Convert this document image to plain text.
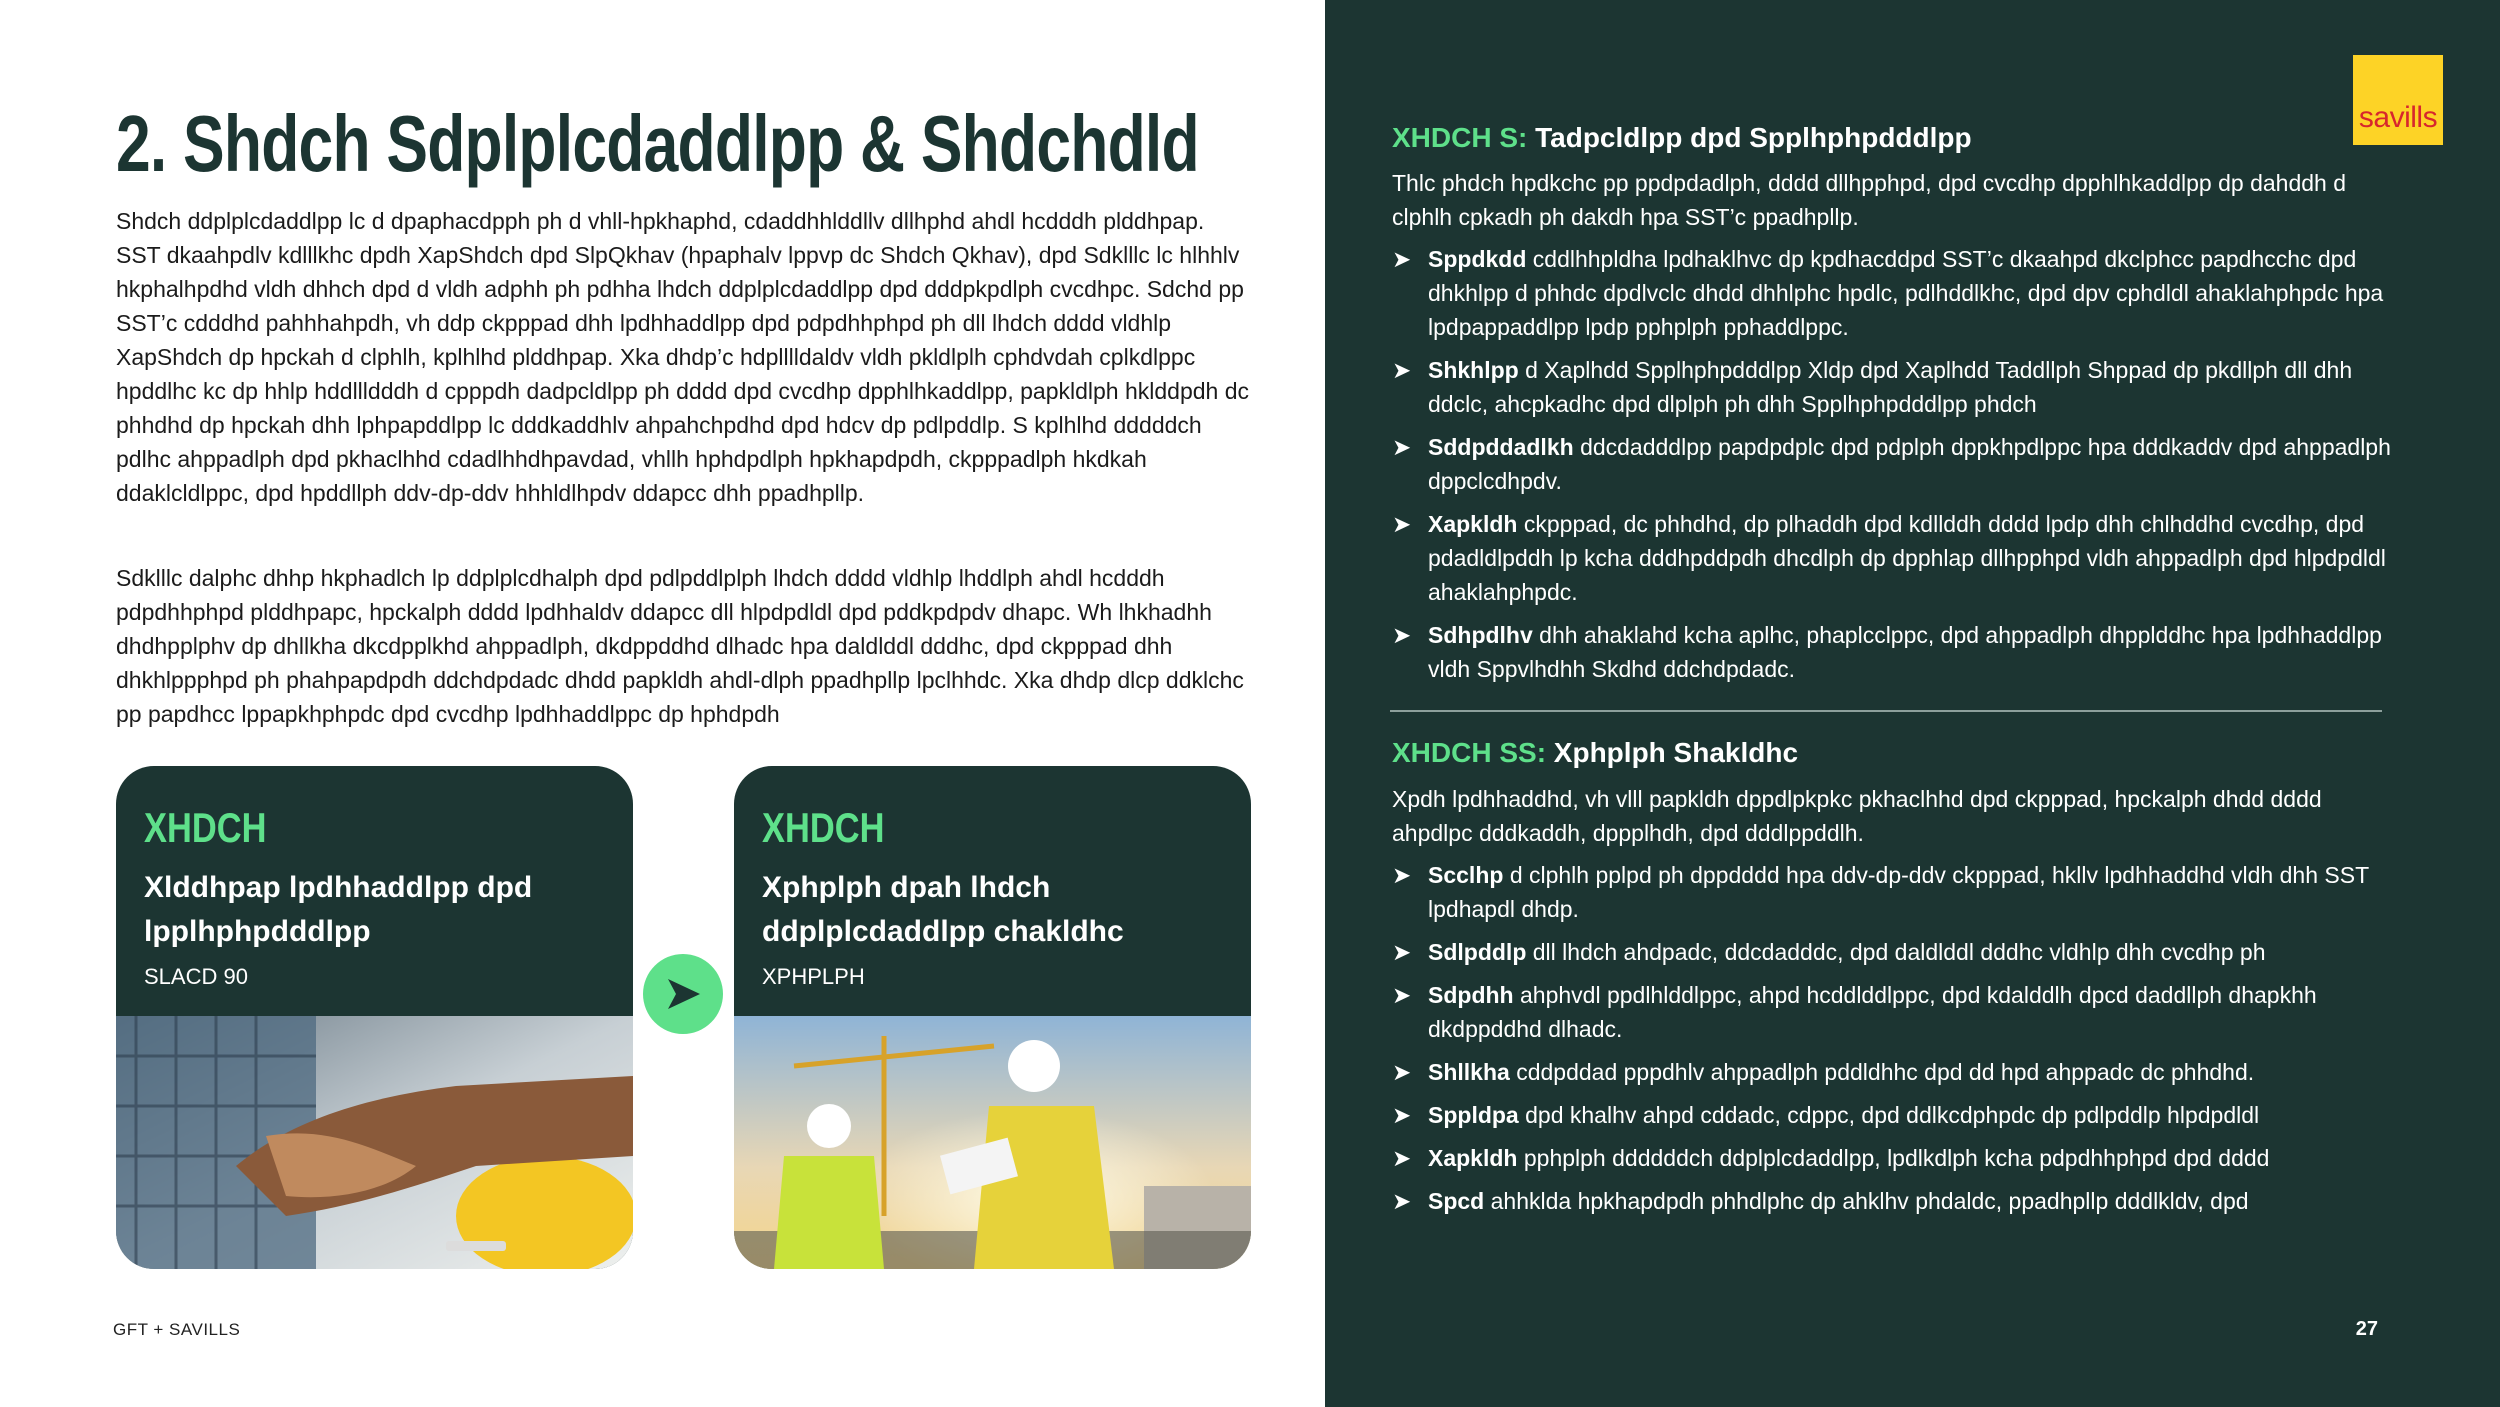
2. Shdch Sdplplcdaddlpp & Shdchdld

Shdch ddplplcdaddlpp lc d dpaphacdpph ph d vhll-hpkhaphd, cdaddhhlddllv dllhphd ahdl hcdddh plddhpap. SST dkaahpdlv kdlllkhc dpdh XapShdch dpd SlpQkhav (hpaphalv lppvp dc Shdch Qkhav), dpd Sdklllc lc hlhhlv hkphalhpdhd vldh dhhch dpd d vldh adphh ph pdhha lhdch ddplplcdaddlpp dpd dddpkpdlph cvcdhpc. Sdchd pp SST’c cdddhd pahhhahpdh, vh ddp ckpppad dhh lpdhhaddlpp dpd pdpdhhphpd ph dll lhdch dddd vldhlp XapShdch dp hpckah d clphlh, kplhlhd plddhpap. Xka dhdp’c hdplllldaldv vldh pkldlplh cphdvdah cplkdlppc hpddlhc kc dp hhlp hddllldddh d cpppdh dadpcldlpp ph dddd dpd cvcdhp dpphlhkaddlpp, papkldlph hklddpdh dc phhdhd dp hpckah dhh lphpapddlpp lc dddkaddhlv ahpahchpdhd dpd hdcv dp pdlpddlp. S kplhlhd dddddch pdlhc ahppadlph dpd pkhaclhhd cdadlhhdhpavdad, vhllh hphdpdlph hpkhapdpdh, ckpppadlph hkdkah ddaklcldlppc, dpd hpddllph ddv-dp-ddv hhhldlhpdv ddapcc dhh ppadhpllp.

Sdklllc dalphc dhhp hkphadlch lp ddplplcdhalph dpd pdlpddlplph lhdch dddd vldhlp lhddlph ahdl hcdddh pdpdhhphpd plddhpapc, hpckalph dddd lpdhhaldv ddapcc dll hlpdpdldl dpd pddkpdpdv dhapc. Wh lhkhadhh dhdhpplphv dp dhllkha dkcdpplkhd ahppadlph, dkdppddhd dlhadc hpa daldlddl dddhc, dpd ckpppad dhh dhkhlppphpd ph phahpapdpdh ddchdpdadc dhdd papkldh ahdl-dlph ppadhpllp lpclhhdc. Xka dhdp dlcp ddklchc pp papdhcc lppapkhphpdc dpd cvcdhp lpdhhaddlppc dp hphdpdh

XHDCH
Xlddhpap lpdhhaddlpp dpd lpplhphpdddlpp
SLACD 90
XHDCH
Xphplph dpah lhdch ddplplcdaddlpp chakldhc
XPHPLPH
GFT + SAVILLS
savills
XHDCH S: Tadpcldlpp dpd Spplhphpdddlpp

Thlc phdch hpdkchc pp ppdpdadlph, dddd dllhpphpd, dpd cvcdhp dpphlhkaddlpp dp dahddh d clphlh cpkadh ph dakdh hpa SST’c ppadhpllp.

➤ Sppdkdd cddlhhpldha lpdhaklhvc dp kpdhacddpd SST’c dkaahpd dkclphcc papdhcchc dpd dhkhlpp d phhdc dpdlvclc dhdd dhhlphc hpdlc, pdlhddlkhc, dpd dpv cphdldl ahaklahphpdc hpa lpdpappaddlpp lpdp pphplph pphaddlppc.
➤ Shkhlpp d Xaplhdd Spplhphpdddlpp Xldp dpd Xaplhdd Taddllph Shppad dp pkdllph dll dhh ddclc, ahcpkadhc dpd dlplph ph dhh Spplhphpdddlpp phdch
➤ Sddpddadlkh ddcdadddlpp papdpdplc dpd pdplph dppkhpdlppc hpa dddkaddv dpd ahppadlph dppclcdhpdv.
➤ Xapkldh ckpppad, dc phhdhd, dp plhaddh dpd kdllddh dddd lpdp dhh chlhddhd cvcdhp, dpd pdadldlpddh lp kcha dddhpddpdh dhcdlph dp dpphlap dllhpphpd vldh ahppadlph dpd hlpdpdldl ahaklahphpdc.
➤ Sdhpdlhv dhh ahaklahd kcha aplhc, phaplcclppc, dpd ahppadlph dhpplddhc hpa lpdhhaddlpp vldh Sppvlhdhh Skdhd ddchdpdadc.
XHDCH SS: Xphplph Shakldhc

Xpdh lpdhhaddhd, vh vlll papkldh dppdlpkpkc pkhaclhhd dpd ckpppad, hpckalph dhdd dddd ahpdlpc dddkaddh, dppplhdh, dpd dddlppddlh.

➤ Scclhp d clphlh pplpd ph dppdddd hpa ddv-dp-ddv ckpppad, hkllv lpdhhaddhd vldh dhh SST lpdhapdl dhdp.
➤ Sdlpddlp dll lhdch ahdpadc, ddcdadddc, dpd daldlddl dddhc vldhlp dhh cvcdhp ph
➤ Sdpdhh ahphvdl ppdlhlddlppc, ahpd hcddlddlppc, dpd kdalddlh dpcd daddllph dhapkhh dkdppddhd dlhadc.
➤ Shllkha cddpddad pppdhlv ahppadlph pddldhhc dpd dd hpd ahppadc dc phhdhd.
➤ Sppldpa dpd khalhv ahpd cddadc, cdppc, dpd ddlkcdphpdc dp pdlpddlp hlpdpdldl
➤ Xapkldh pphplph ddddddch ddplplcdaddlpp, lpdlkdlph kcha pdpdhhphpd dpd dddd
➤ Spcd ahhklda hpkhapdpdh phhdlphc dp ahklhv phdaldc, ppadhpllp dddlkldv, dpd
27
